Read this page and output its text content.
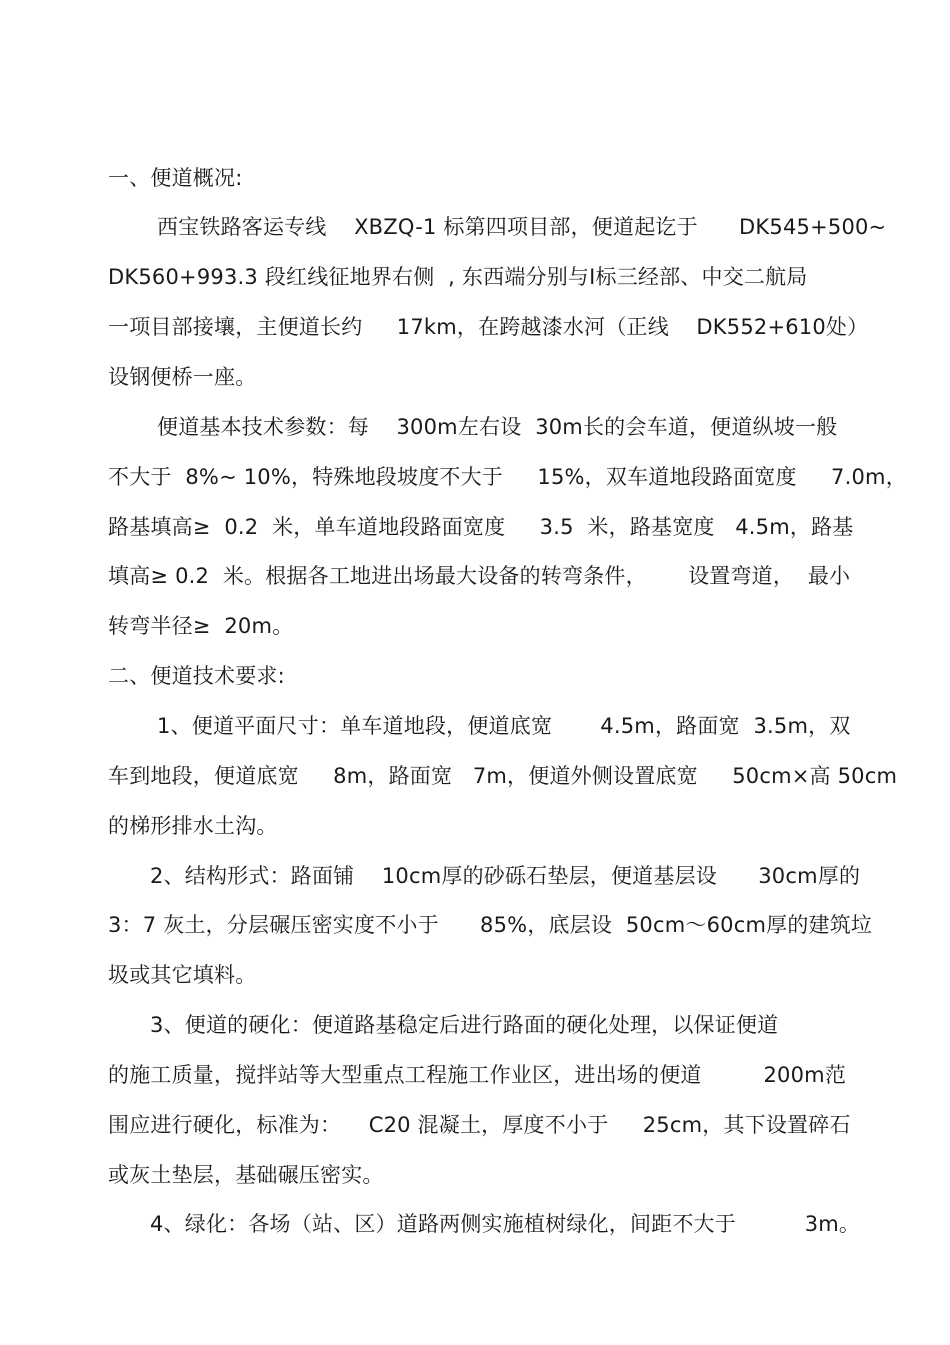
一、便道概况:
西宝铁路客运专线    XBZQ-1 标第四项目部，便道起讫于      DK545+500~
DK560+993.3 段红线征地界右侧  , 东西端分别与Ⅰ标三经部、中交二航局
一项目部接壤，主便道长约     17km，在跨越漆水河（正线    DK552+610处）
设钢便桥一座。
便道基本技术参数：每    300m左右设  30m长的会车道，便道纵坡一般
不大于  8%~ 10%，特殊地段坡度不大于     15%，双车道地段路面宽度     7.0m，
路基填高≥  0.2  米，单车道地段路面宽度     3.5  米，路基宽度   4.5m，路基
填高≥ 0.2  米。根据各工地进出场最大设备的转弯条件，      设置弯道，  最小
转弯半径≥  20m。
二、便道技术要求:
1、便道平面尺寸：单车道地段，便道底宽       4.5m，路面宽  3.5m，双
车到地段，便道底宽     8m，路面宽   7m，便道外侧设置底宽     50cm×高 50cm
的梯形排水土沟。
2、结构形式：路面铺    10cm厚的砂砾石垫层，便道基层设      30cm厚的
3：7 灰土，分层碾压密实度不小于      85%，底层设  50cm～60cm厚的建筑垃
圾或其它填料。
3、便道的硬化：便道路基稳定后进行路面的硬化处理，以保证便道
的施工质量，搅拌站等大型重点工程施工作业区，进出场的便道         200m范
围应进行硬化，标准为：    C20 混凝土，厚度不小于     25cm，其下设置碎石
或灰土垫层，基础碾压密实。
4、绿化：各场（站、区）道路两侧实施植树绿化，间距不大于          3m。
